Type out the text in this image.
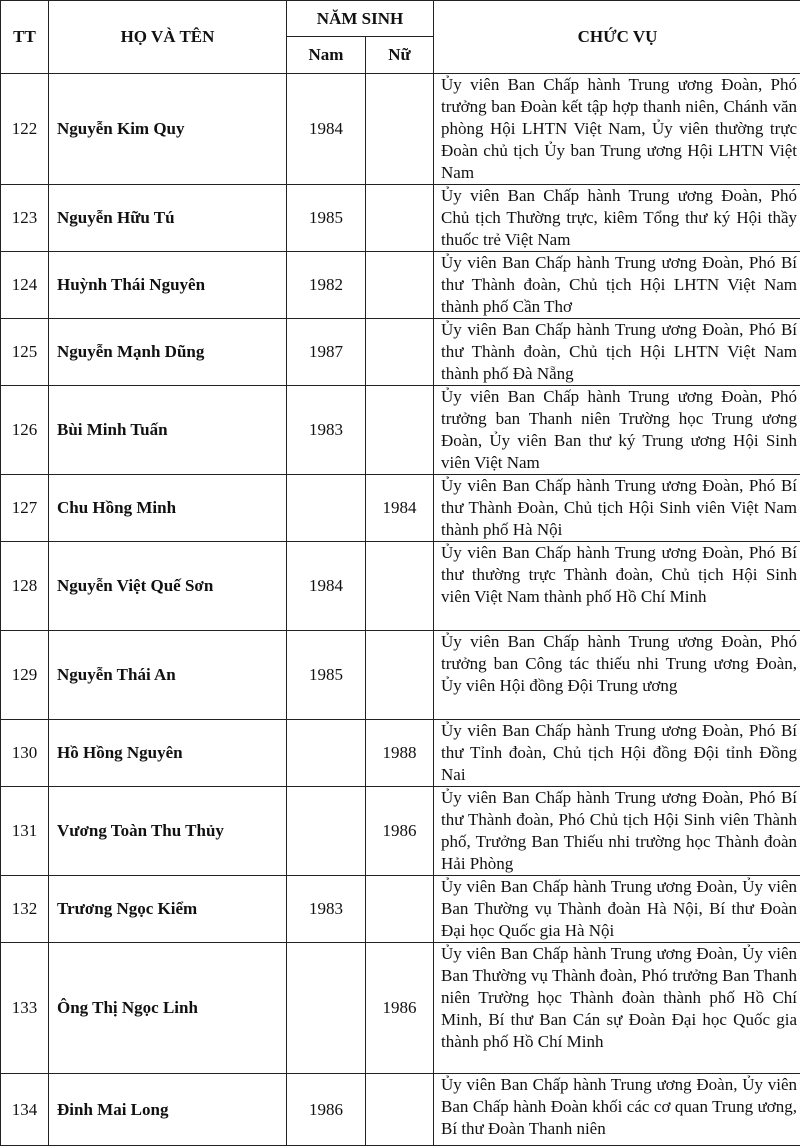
TT	HỌ VÀ TÊN	NĂM SINH		CHỨC VỤ
		Nam	Nữ	
122	Nguyễn Kim Quy	1984		Ủy viên Ban Chấp hành Trung ương Đoàn, Phó trưởng ban Đoàn kết tập hợp thanh niên, Chánh văn phòng Hội LHTN Việt Nam, Ủy viên thường trực Đoàn chủ tịch Ủy ban Trung ương Hội LHTN Việt Nam

123	Nguyễn Hữu Tú	1985		Ủy viên Ban Chấp hành Trung ương Đoàn, Phó Chủ tịch Thường trực, kiêm Tổng thư ký Hội thầy thuốc trẻ Việt Nam

124	Huỳnh Thái Nguyên	1982		Ủy viên Ban Chấp hành Trung ương Đoàn, Phó Bí thư Thành đoàn, Chủ tịch Hội LHTN Việt Nam thành phố Cần Thơ

125	Nguyễn Mạnh Dũng	1987		Ủy viên Ban Chấp hành Trung ương Đoàn, Phó Bí thư Thành đoàn, Chủ tịch Hội LHTN Việt Nam thành phố Đà Nẵng

126	Bùi Minh Tuấn	1983		Ủy viên Ban Chấp hành Trung ương Đoàn, Phó trưởng ban Thanh niên Trường học Trung ương Đoàn, Ủy viên Ban thư ký Trung ương Hội Sinh viên Việt Nam

127	Chu Hồng Minh		1984	Ủy viên Ban Chấp hành Trung ương Đoàn, Phó Bí thư Thành Đoàn, Chủ tịch Hội Sinh viên Việt Nam thành phố Hà Nội

128	Nguyễn Việt Quế Sơn	1984		Ủy viên Ban Chấp hành Trung ương Đoàn, Phó Bí thư thường trực Thành đoàn, Chủ tịch Hội Sinh viên Việt Nam thành phố Hồ Chí Minh

129	Nguyễn Thái An	1985		Ủy viên Ban Chấp hành Trung ương Đoàn, Phó trưởng ban Công tác thiếu nhi Trung ương Đoàn, Ủy viên Hội đồng Đội Trung ương

130	Hồ Hồng Nguyên		1988	Ủy viên Ban Chấp hành Trung ương Đoàn, Phó Bí thư Tỉnh đoàn, Chủ tịch Hội đồng Đội tỉnh Đồng Nai

131	Vương Toàn Thu Thủy		1986	Ủy viên Ban Chấp hành Trung ương Đoàn, Phó Bí thư Thành đoàn, Phó Chủ tịch Hội Sinh viên Thành phố, Trưởng Ban Thiếu nhi trường học Thành đoàn Hải Phòng

132	Trương Ngọc Kiểm	1983		Ủy viên Ban Chấp hành Trung ương Đoàn, Ủy viên Ban Thường vụ Thành đoàn Hà Nội, Bí thư Đoàn Đại học Quốc gia Hà Nội

133	Ông Thị Ngọc Linh		1986	Ủy viên Ban Chấp hành Trung ương Đoàn, Ủy viên Ban Thường vụ Thành đoàn, Phó trưởng Ban Thanh niên Trường học Thành đoàn thành phố Hồ Chí Minh, Bí thư Ban Cán sự Đoàn Đại học Quốc gia thành phố Hồ Chí Minh

134	Đinh Mai Long	1986		Ủy viên Ban Chấp hành Trung ương Đoàn, Ủy viên Ban Chấp hành Đoàn khối các cơ quan Trung ương, Bí thư Đoàn Thanh niên
